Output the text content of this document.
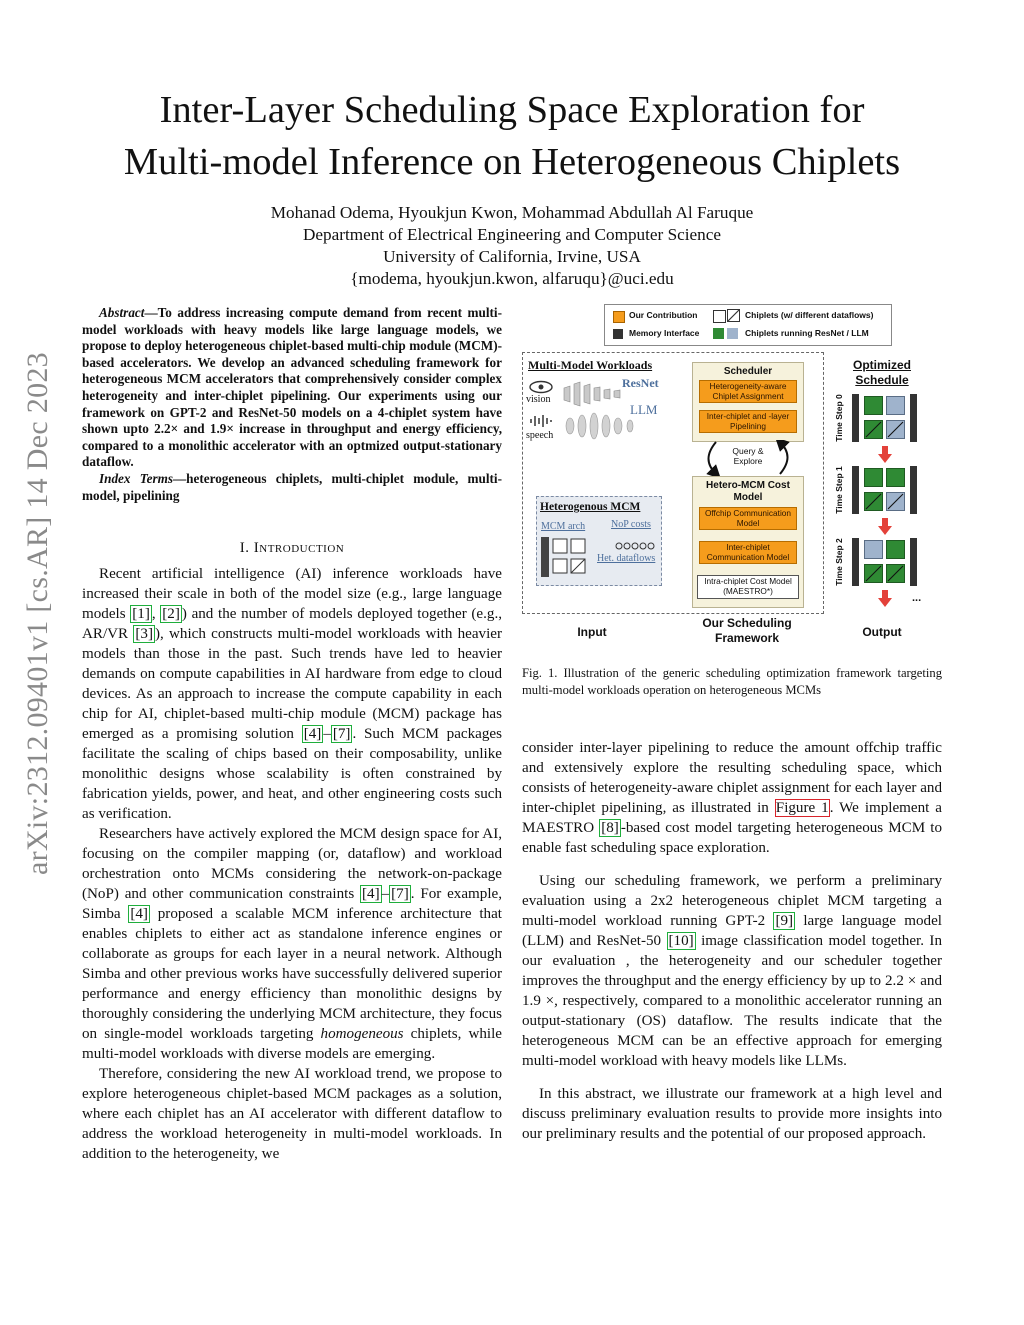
arXiv:2312.09401v1 [cs.AR] 14 Dec 2023
Inter-Layer Scheduling Space Exploration for
Multi-model Inference on Heterogeneous Chiplets
Mohanad Odema, Hyoukjun Kwon, Mohammad Abdullah Al Faruque
Department of Electrical Engineering and Computer Science
University of California, Irvine, USA
{modema, hyoukjun.kwon, alfaruqu}@uci.edu

Abstract—To address increasing compute demand from recent multi-model workloads with heavy models like large language models, we propose to deploy heterogeneous chiplet-based multi-chip module (MCM)-based accelerators. We develop an advanced scheduling framework for heterogeneous MCM accelerators that comprehensively consider complex heterogeneity and inter-chiplet pipelining. Our experiments using our framework on GPT-2 and ResNet-50 models on a 4-chiplet system have shown upto 2.2× and 1.9× increase in throughput and energy efficiency, compared to a monolithic accelerator with an optmized output-stationary dataflow.

Index Terms—heterogeneous chiplets, multi-chiplet module, multi-model, pipelining

I. Introduction

Recent artificial intelligence (AI) inference workloads have increased their scale in both of the model size (e.g., large language models [1] , [2] ) and the number of models deployed together (e.g., AR/VR [3] ), which constructs multi-model workloads with heavier models than those in the past. Such trends have led to heavier demands on compute capabilities in AI hardware from edge to cloud devices. As an approach to increase the compute capability in each chip for AI, chiplet-based multi-chip module (MCM) package has emerged as a promising solution [4] – [7] . Such MCM packages facilitate the scaling of chips based on their composability, unlike monolithic designs whose scalability is often constrained by fabrication yields, power, and heat, and other engineering costs such as verification.

Researchers have actively explored the MCM design space for AI, focusing on the compiler mapping (or, dataflow) and workload orchestration onto MCMs considering the network-on-package (NoP) and other communication constraints [4] – [7] . For example, Simba [4] proposed a scalable MCM inference architecture that enables chiplets to either act as standalone inference engines or collaborate as groups for each layer in a neural network. Although Simba and other previous works have successfully delivered superior performance and energy efficiency than monolithic designs by thoroughly considering the underlying MCM architecture, they focus on single-model workloads targeting homogeneous chiplets, while multi-model workloads with diverse models are emerging.

Therefore, considering the new AI workload trend, we propose to explore heterogeneous chiplet-based MCM packages as a solution, where each chiplet has an AI accelerator with different dataflow to address the workload heterogeneity in multi-model workloads. In addition to the heterogeneity, we

consider inter-layer pipelining to reduce the amount offchip traffic and extensively explore the resulting scheduling space, which consists of heterogeneity-aware chiplet assignment for each layer and inter-chiplet pipelining, as illustrated in Figure 1. We implement a MAESTRO [8] -based cost model targeting heterogeneous MCM to enable fast scheduling space exploration.

Using our scheduling framework, we perform a preliminary evaluation using a 2x2 heterogeneous chiplet MCM targeting a multi-model workload running GPT-2 [9] large language model (LLM) and ResNet-50 [10] image classification model together. In our evaluation , the heterogeneity and our scheduler together improves the throughput and the energy efficiency by up to 2.2 × and 1.9 ×, respectively, compared to a monolithic accelerator running an output-stationary (OS) dataflow. The results indicate that the heterogeneous MCM can be an effective approach for emerging multi-model workload with heavy models like LLMs.

In this abstract, we illustrate our framework at a high level and discuss preliminary evaluation results to provide more insights into our preliminary results and the potential of our proposed approach.

Fig. 1. Illustration of the generic scheduling optimization framework targeting multi-model workloads operation on heterogeneous MCMs
Our Contribution
Memory Interface
Chiplets (w/ different dataflows)
Chiplets running ResNet / LLM
Multi-Model Workloads
vision
speech
ResNet
LLM
Heterogenous MCM
MCM arch	NoP costs
Het. dataflows
Scheduler
Heterogeneity-aware Chiplet Assignment
Inter-chiplet and -layer Pipelining
Query & Explore
Hetero-MCM Cost Model
Offchip Communication Model
Inter-chiplet Communication Model
Intra-chiplet Cost Model (MAESTRO*)
Optimized Schedule
Time Step 0
Time Step 1
Time Step 2
...
Input
Our Scheduling Framework	Output
